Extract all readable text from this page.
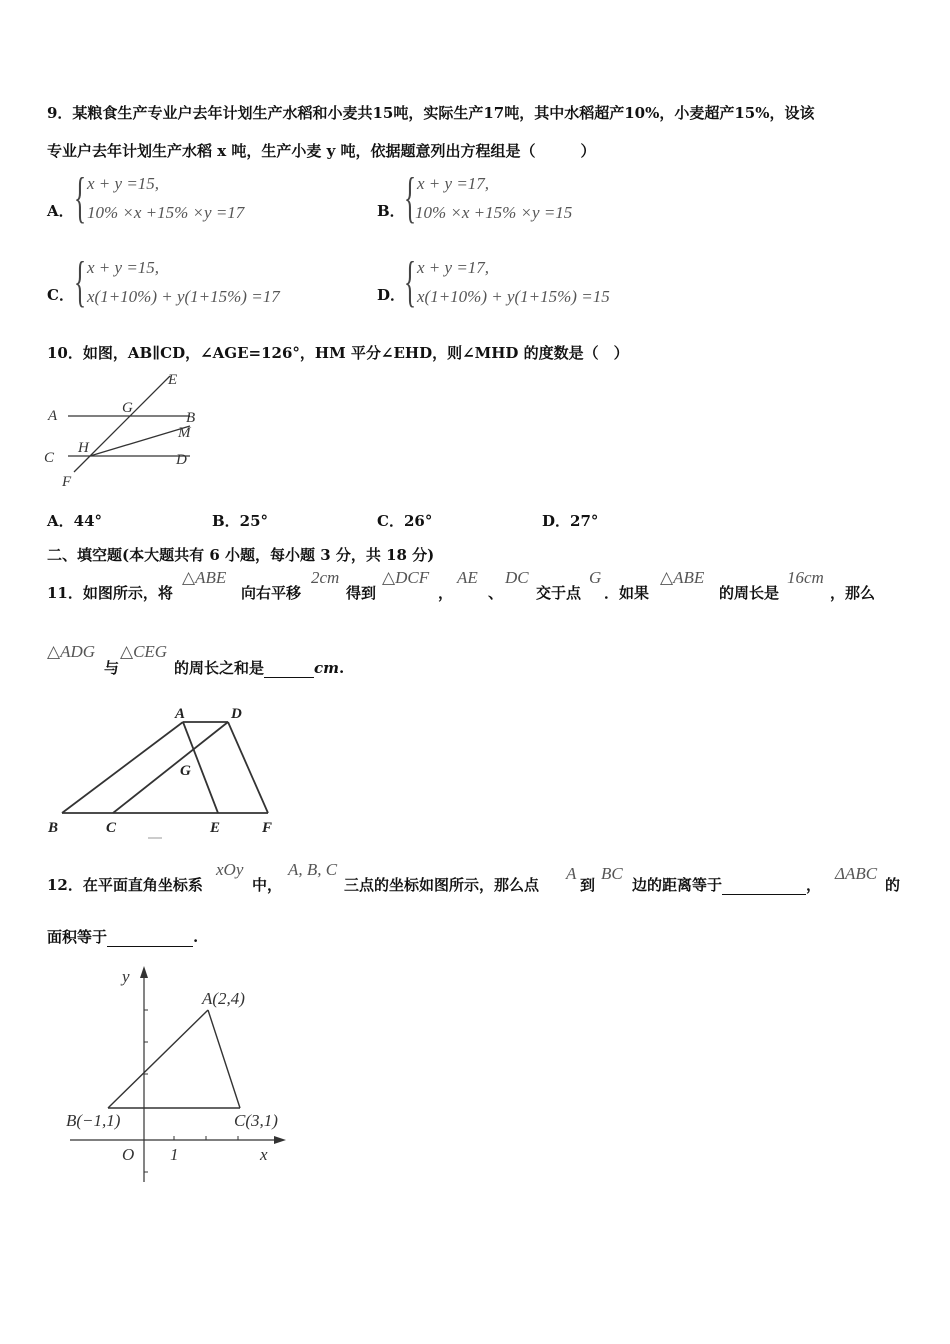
9．某粮食生产专业户去年计划生产水稻和小麦共15吨，实际生产17吨，其中水稻超产10%，小麦超产15%，设该
专业户去年计划生产水稻 x 吨，生产小麦 y 吨，依据题意列出方程组是（　　　）
A． { x + y =15,
10% ×x +15% ×y =17	B． { x + y =17,
10% ×x +15% ×y =15
C． { x + y =15,
x(1+10%) + y(1+15%) =17	D．
{ x + y =17,
x(1+10%) + y(1+15%) =15
10．如图，AB∥CD，∠AGE=126°，HM 平分∠EHD，则∠MHD 的度数是（　）
A	B
C	D
E
F
G
H
M
A．44°	B．25°	C．26°	D．27°
二、填空题(本大题共有 6 小题，每小题 3 分，共 18 分)
11．如图所示，将
△ABE
向右平移
2cm
得到
△DCF
，
AE
、
DC
交于点
G
．如果
△ABE
的周长是
16cm
，那么
△ADG
与
△CEG
的周长之和是	cm.
A	D
G
B	C	E	F
12．在平面直角坐标系
xOy
中，
A, B, C
三点的坐标如图所示，那么点
A
到
BC
边的距离等于	，
ΔABC
的
面积等于	.
y
x
O 1
A(2,4)
B(−1,1)	C(3,1)
